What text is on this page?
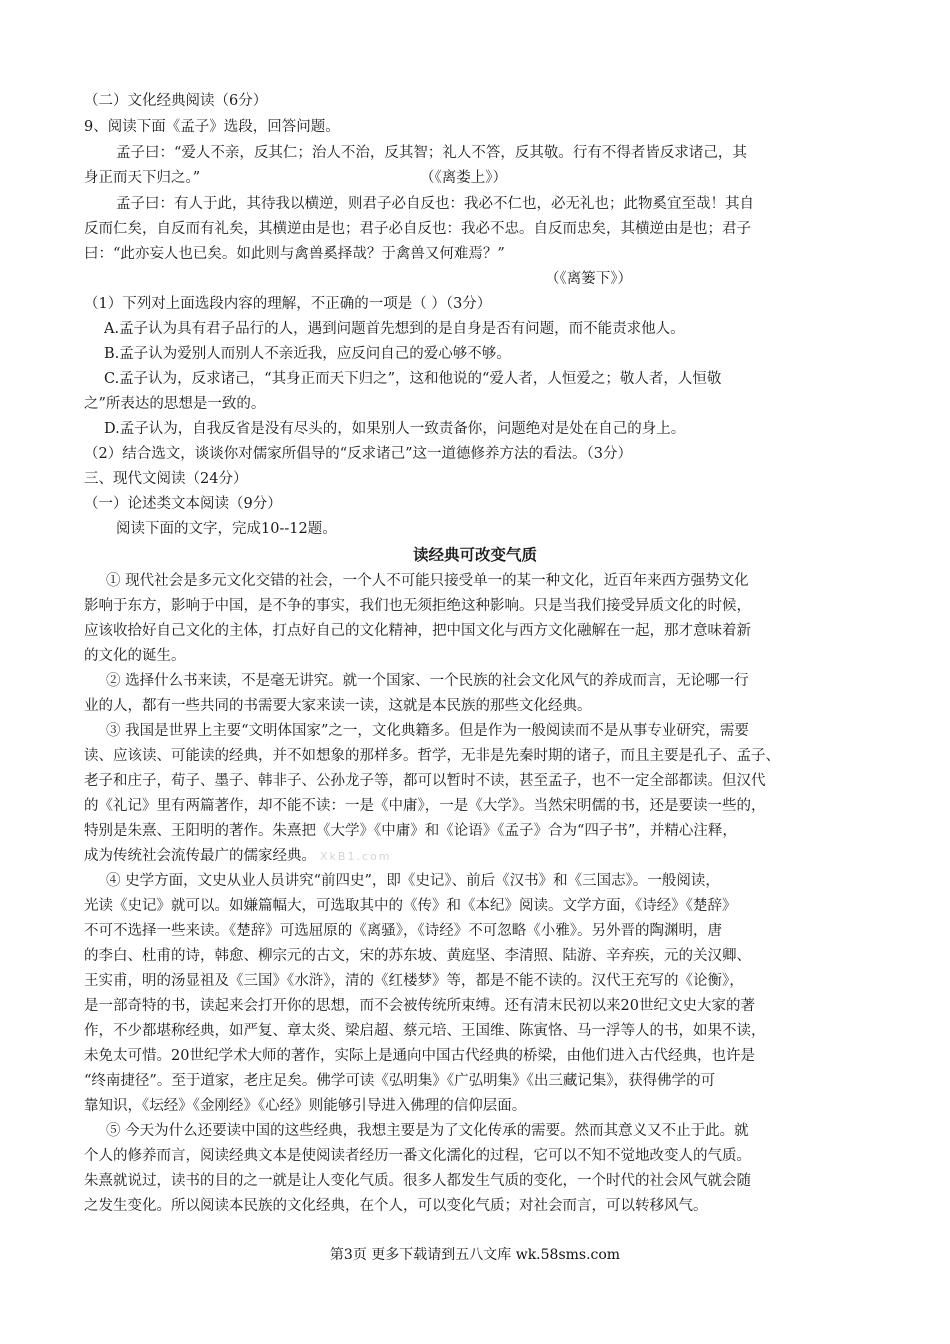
（二）文化经典阅读（6分）
9、阅读下面《孟子》选段，回答问题。
孟子曰：“爱人不亲，反其仁；治人不治，反其智；礼人不答，反其敬。行有不得者皆反求诸己，其
身正而天下归之。”	（《离娄上》）
孟子曰：有人于此，其待我以横逆，则君子必自反也：我必不仁也，必无礼也；此物奚宜至哉！其自
反而仁矣，自反而有礼矣，其横逆由是也；君子必自反也：我必不忠。自反而忠矣，其横逆由是也；君子
曰：“此亦妄人也已矣。如此则与禽兽奚择哉？于禽兽又何难焉？”
（《离篓下》）
（1）下列对上面选段内容的理解，不正确的一项是（ ）（3分）
A.孟子认为具有君子品行的人，遇到问题首先想到的是自身是否有问题，而不能责求他人。
B.孟子认为爱别人而别人不亲近我，应反问自己的爱心够不够。
C.孟子认为，反求诸己，“其身正而天下归之”，这和他说的“爱人者，人恒爱之；敬人者，人恒敬
之”所表达的思想是一致的。
D.孟子认为，自我反省是没有尽头的，如果别人一致责备你，问题绝对是处在自己的身上。
（2）结合选文，谈谈你对儒家所倡导的“反求诸己”这一道德修养方法的看法。（3分）
三、现代文阅读（24分）
（一）论述类文本阅读（9分）
阅读下面的文字，完成10--12题。
读经典可改变气质
① 现代社会是多元文化交错的社会，一个人不可能只接受单一的某一种文化，近百年来西方强势文化
影响于东方，影响于中国，是不争的事实，我们也无须拒绝这种影响。只是当我们接受异质文化的时候，
应该收拾好自己文化的主体，打点好自己的文化精神，把中国文化与西方文化融解在一起，那才意味着新
的文化的诞生。
② 选择什么书来读，不是毫无讲究。就一个国家、一个民族的社会文化风气的养成而言，无论哪一行
业的人，都有一些共同的书需要大家来读一读，这就是本民族的那些文化经典。
③ 我国是世界上主要“文明体国家”之一，文化典籍多。但是作为一般阅读而不是从事专业研究，需要
读、应该读、可能读的经典，并不如想象的那样多。哲学，无非是先秦时期的诸子，而且主要是孔子、孟子、
老子和庄子，荀子、墨子、韩非子、公孙龙子等，都可以暂时不读，甚至孟子，也不一定全部都读。但汉代
的《礼记》里有两篇著作，却不能不读：一是《中庸》，一是《大学》。当然宋明儒的书，还是要读一些的，
特别是朱熹、王阳明的著作。朱熹把《大学》《中庸》和《论语》《孟子》合为“四子书”，并精心注释，
成为传统社会流传最广的儒家经典。 XkB1.com
④ 史学方面，文史从业人员讲究“前四史”，即《史记》、前后《汉书》和《三国志》。一般阅读，
光读《史记》就可以。如嫌篇幅大，可选取其中的《传》和《本纪》阅读。文学方面，《诗经》《楚辞》
不可不选择一些来读。《楚辞》可选屈原的《离骚》，《诗经》不可忽略《小雅》。另外晋的陶渊明，唐
的李白、杜甫的诗，韩愈、柳宗元的古文，宋的苏东坡、黄庭坚、李清照、陆游、辛弃疾，元的关汉卿、
王实甫，明的汤显祖及《三国》《水浒》，清的《红楼梦》等，都是不能不读的。汉代王充写的《论衡》，
是一部奇特的书，读起来会打开你的思想，而不会被传统所束缚。还有清末民初以来20世纪文史大家的著
作，不少都堪称经典，如严复、章太炎、梁启超、蔡元培、王国维、陈寅恪、马一浮等人的书，如果不读，
未免太可惜。20世纪学术大师的著作，实际上是通向中国古代经典的桥梁，由他们进入古代经典，也许是
“终南捷径”。至于道家，老庄足矣。佛学可读《弘明集》《广弘明集》《出三藏记集》，获得佛学的可
靠知识，《坛经》《金刚经》《心经》则能够引导进入佛理的信仰层面。
⑤ 今天为什么还要读中国的这些经典，我想主要是为了文化传承的需要。然而其意义又不止于此。就
个人的修养而言，阅读经典文本是使阅读者经历一番文化濡化的过程，它可以不知不觉地改变人的气质。
朱熹就说过，读书的目的之一就是让人变化气质。很多人都发生气质的变化，一个时代的社会风气就会随
之发生变化。所以阅读本民族的文化经典，在个人，可以变化气质；对社会而言，可以转移风气。
第3页 更多下载请到五八文库 wk.58sms.com
